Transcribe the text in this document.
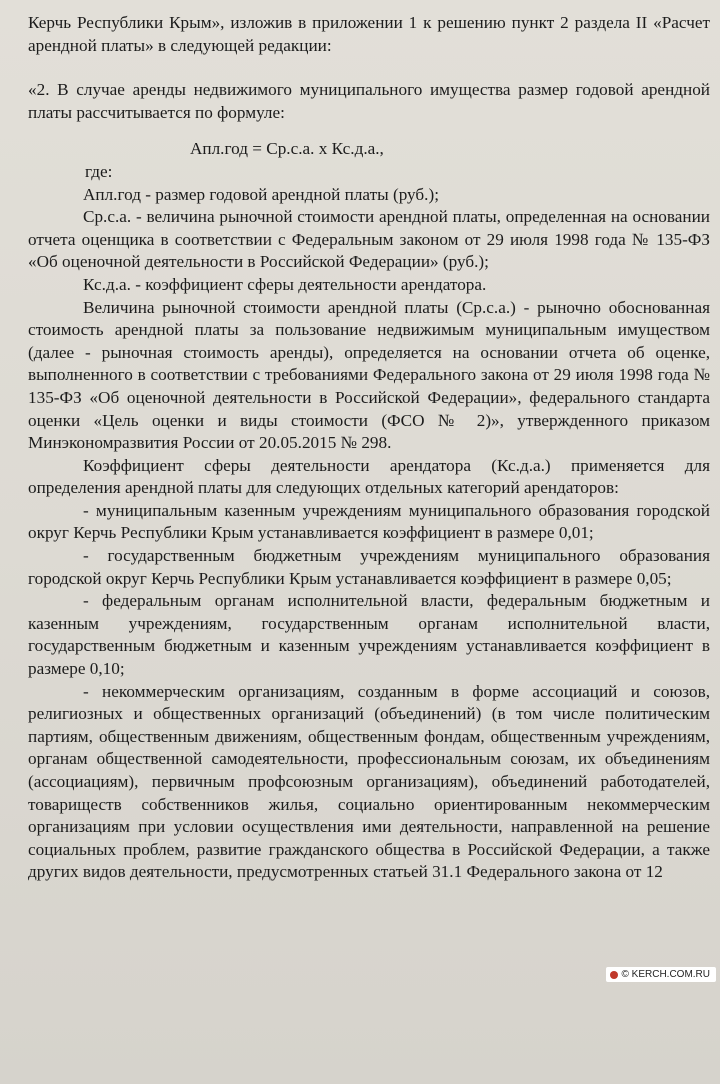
Керчь Республики Крым», изложив в приложении 1 к решению пункт 2 раздела II «Расчет арендной платы» в следующей редакции:

«2. В случае аренды недвижимого муниципального имущества размер годовой арендной платы рассчитывается по формуле:

Апл.год = Ср.с.а. х Кс.д.а.,

где:

Апл.год - размер годовой арендной платы (руб.);

Ср.с.а. - величина рыночной стоимости арендной платы, определенная на основании отчета оценщика в соответствии с Федеральным законом от 29 июля 1998 года № 135-ФЗ «Об оценочной деятельности в Российской Федерации» (руб.);

Кс.д.а. - коэффициент сферы деятельности арендатора.

Величина рыночной стоимости арендной платы (Ср.с.а.) - рыночно обоснованная стоимость арендной платы за пользование недвижимым муниципальным имуществом (далее - рыночная стоимость аренды), определяется на основании отчета об оценке, выполненного в соответствии с требованиями Федерального закона от 29 июля 1998 года № 135-ФЗ «Об оценочной деятельности в Российской Федерации», федерального стандарта оценки «Цель оценки и виды стоимости (ФСО № 2)», утвержденного приказом Минэкономразвития России от 20.05.2015 № 298.

Коэффициент сферы деятельности арендатора (Кс.д.а.) применяется для определения арендной платы для следующих отдельных категорий арендаторов:

- муниципальным казенным учреждениям муниципального образования городской округ Керчь Республики Крым устанавливается коэффициент в размере 0,01;

- государственным бюджетным учреждениям муниципального образования городской округ Керчь Республики Крым устанавливается коэффициент в размере 0,05;

- федеральным органам исполнительной власти, федеральным бюджетным и казенным учреждениям, государственным органам исполнительной власти, государственным бюджетным и казенным учреждениям устанавливается коэффициент в размере 0,10;

- некоммерческим организациям, созданным в форме ассоциаций и союзов, религиозных и общественных организаций (объединений) (в том числе политическим партиям, общественным движениям, общественным фондам, общественным учреждениям, органам общественной самодеятельности, профессиональным союзам, их объединениям (ассоциациям), первичным профсоюзным организациям), объединений работодателей, товариществ собственников жилья, социально ориентированным некоммерческим организациям при условии осуществления ими деятельности, направленной на решение социальных проблем, развитие гражданского общества в Российской Федерации, а также других видов деятельности, предусмотренных статьей 31.1 Федерального закона от 12

© KERCH.COM.RU
